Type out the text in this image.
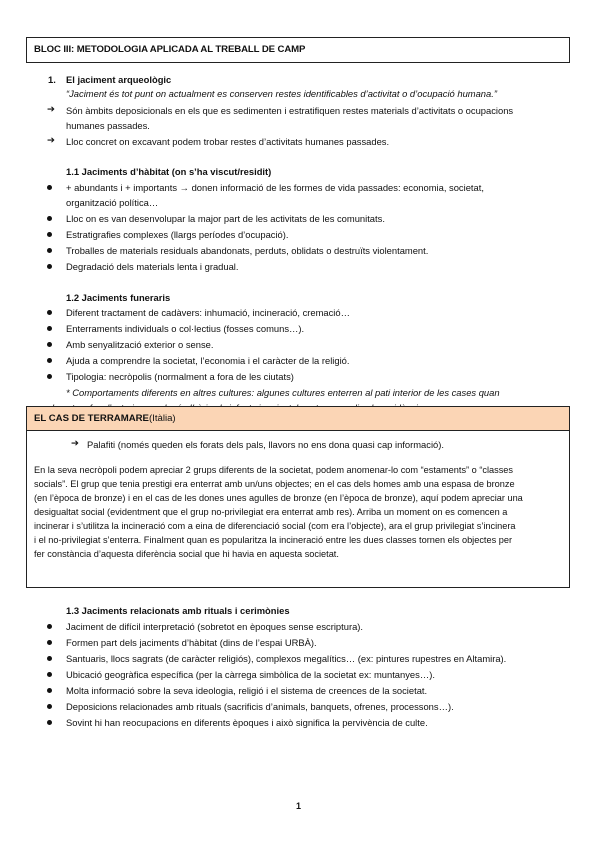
BLOC III: METODOLOGIA APLICADA AL TREBALL DE CAMP
1. El jaciment arqueològic
“Jaciment és tot punt on actualment es conserven restes identificables d’activitat o d’ocupació humana.”
➔ Són àmbits deposicionals en els que es sedimenten i estratifiquen restes materials d’activitats o ocupacions
humanes passades.
➔ Lloc concret on excavant podem trobar restes d’activitats humanes passades.
1.1 Jaciments d’hàbitat (on s’ha viscut/residit)
+ abundants i + importants → donen informació de les formes de vida passades: economia, societat,
organització política…
Lloc on es van desenvolupar la major part de les activitats de les comunitats.
Estratigrafies complexes (llargs períodes d’ocupació).
Troballes de materials residuals abandonats, perduts, oblidats o destruïts violentament.
Degradació dels materials lenta i gradual.
1.2 Jaciments funeraris
Diferent tractament de cadàvers: inhumació, incineració, cremació…
Enterraments individuals o col·lectius (fosses comuns…).
Amb senyalització exterior o sense.
Ajuda a comprendre la societat, l’economia i el caràcter de la religió.
Tipologia: necròpolis (normalment a fora de les ciutats)
* Comportaments diferents en altres cultures: algunes cultures enterren al pati interior de les cases quan
EL CAS DE TERRAMARE (Itàlia)
➔ Palafiti (només queden els forats dels pals, llavors no ens dona quasi cap informació).
En la seva necròpoli podem apreciar 2 grups diferents de la societat, podem anomenar-lo com “estaments” o “classes
socials”. El grup que tenia prestigi era enterrat amb un/uns objectes; en el cas dels homes amb una espasa de bronze
(en l’època de bronze) i en el cas de les dones unes agulles de bronze (en l’època de bronze), aquí podem apreciar una
desigualtat social (evidentment que el grup no-privilegiat era enterrat amb res). Arriba un moment on es comencen a
incinerar i s’utilitza la incineració com a eina de diferenciació social (com era l’objecte), ara el grup privilegiat s’incinera
i el no-privilegiat s’enterra. Finalment quan es popularitza la incineració entre les dues classes tornen els objectes per
fer constància d’aquesta diferència social que hi havia en aquesta societat.
1.3 Jaciments relacionats amb rituals i cerimònies
Jaciment de difícil interpretació (sobretot en èpoques sense escriptura).
Formen part dels jaciments d’hàbitat (dins de l’espai URBÀ).
Santuaris, llocs sagrats (de caràcter religiós), complexos megalítics… (ex: pintures rupestres en Altamira).
Ubicació geogràfica específica (per la càrrega simbòlica de la societat ex: muntanyes…).
Molta informació sobre la seva ideologia, religió i el sistema de creences de la societat.
Deposicions relacionades amb rituals (sacrificis d’animals, banquets, ofrenes, processons…).
Sovint hi han reocupacions en diferents èpoques i això significa la pervivència de culte.
1
